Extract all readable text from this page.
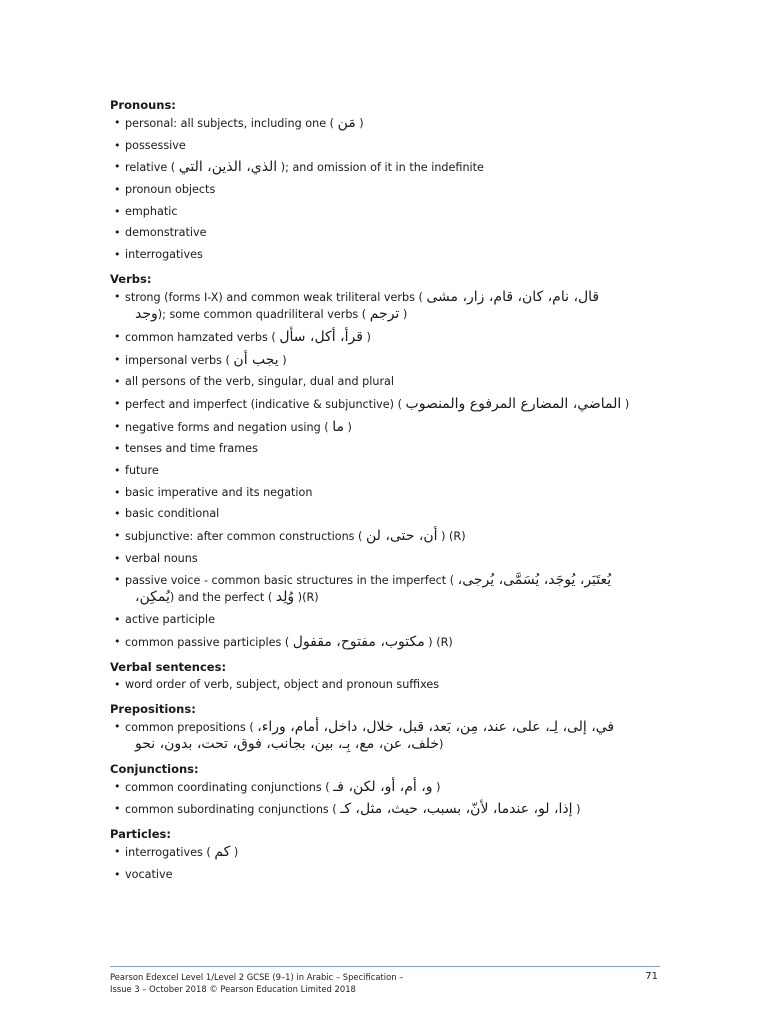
Pronouns:
• personal: all subjects, including one ( مَن )
• possessive
• relative ( الذي، الذين، التي ); and omission of it in the indefinite
• pronoun objects
• emphatic
• demonstrative
• interrogatives
Verbs:
• strong (forms I-X) and common weak triliteral verbs ( قال، نام، كان، قام، زار، مشى
وجد); some common quadriliteral verbs ( ترجم )
• common hamzated verbs ( قرأ، أكل، سأل )
• impersonal verbs ( يجب أن )
• all persons of the verb, singular, dual and plural
• perfect and imperfect (indicative & subjunctive) ( الماضي، المضارع المرفوع والمنصوب )
• negative forms and negation using ( ما )
• tenses and time frames
• future
• basic imperative and its negation
• basic conditional
• subjunctive: after common constructions ( أن، حتى، لن ) (R)
• verbal nouns
• passive voice - common basic structures in the imperfect ( يُعتَبَر، يُوجَد، يُسَمَّى، يُرجى،
يُمكِن،) and the perfect ( وُلِد )(R)
• active participle
• common passive participles ( مكتوب، مفتوح، مقفول ) (R)
Verbal sentences:
• word order of verb, subject, object and pronoun suffixes
Prepositions:
• common prepositions ( في، إلى، لِـ، على، عند، مِن، بَعد، قبل، خلال، داخل، أمام، وراء،
خلف، عن، مع، بِـ، بين، بجانب، فوق، تحت، بدون، نحو)
Conjunctions:
• common coordinating conjunctions ( و، أم، أو، لكن، فـ )
• common subordinating conjunctions ( إذا، لو، عندما، لأنّ، بسبب، حيث، مثل، كـ )
Particles:
• interrogatives ( كم )
• vocative
Pearson Edexcel Level 1/Level 2 GCSE (9–1) in Arabic – Specification –
Issue 3 – October 2018 © Pearson Education Limited 2018
71
